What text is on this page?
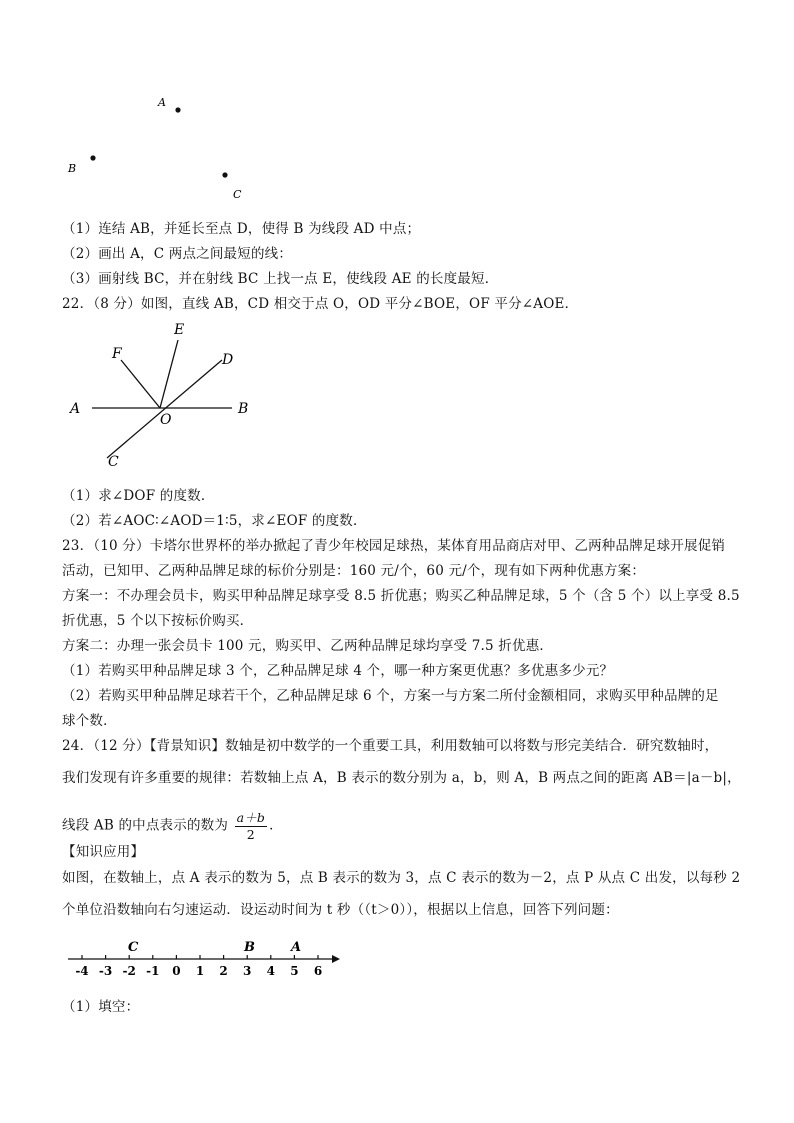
A
B
C
（1）连结 AB，并延长至点 D，使得 B 为线段 AD 中点；
（2）画出 A，C 两点之间最短的线：
（3）画射线 BC，并在射线 BC 上找一点 E，使线段 AE 的长度最短．
22．（8 分）如图，直线 AB，CD 相交于点 O，OD 平分∠BOE，OF 平分∠AOE．
A	B
C
D
E
F
O
（1）求∠DOF 的度数．
（2）若∠AOC∶∠AOD＝1∶5，求∠EOF 的度数．
23．（10 分）卡塔尔世界杯的举办掀起了青少年校园足球热，某体育用品商店对甲、乙两种品牌足球开展促销
活动，已知甲、乙两种品牌足球的标价分别是：160 元/个，60 元/个，现有如下两种优惠方案：
方案一：不办理会员卡，购买甲种品牌足球享受 8.5 折优惠；购买乙种品牌足球，5 个（含 5 个）以上享受 8.5
折优惠，5 个以下按标价购买．
方案二：办理一张会员卡 100 元，购买甲、乙两种品牌足球均享受 7.5 折优惠．
（1）若购买甲种品牌足球 3 个，乙种品牌足球 4 个，哪一种方案更优惠？多优惠多少元？
（2）若购买甲种品牌足球若干个，乙种品牌足球 6 个，方案一与方案二所付金额相同，求购买甲种品牌的足
球个数．
24．（12 分）【背景知识】数轴是初中数学的一个重要工具，利用数轴可以将数与形完美结合．研究数轴时，
我们发现有许多重要的规律：若数轴上点 A，B 表示的数分别为 a，b，则 A，B 两点之间的距离 AB＝|a－b|，
线段 AB 的中点表示的数为 $\frac{a+b}{2}$ ．
【知识应用】
如图，在数轴上，点 A 表示的数为 5，点 B 表示的数为 3，点 C 表示的数为－2，点 P 从点 C 出发，以每秒 2
个单位沿数轴向右匀速运动．设运动时间为 t 秒（（t＞0）），根据以上信息，回答下列问题：
-4 -3 -2 -1 0 1 2 3 4 5 6
C	B	A
（1）填空：
